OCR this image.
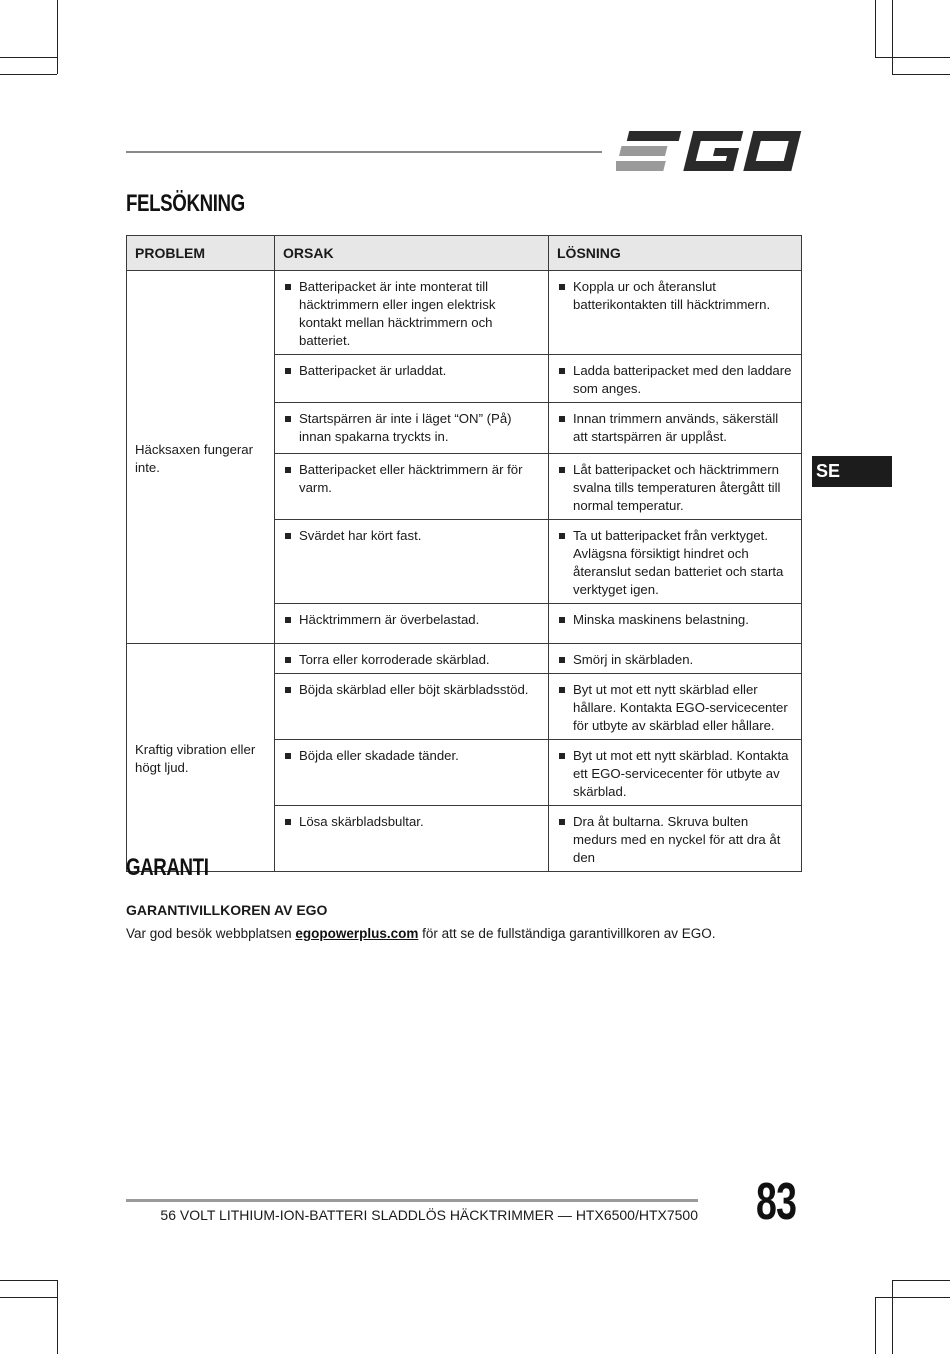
FELSÖKNING
PROBLEM	ORSAK	LÖSNING
Häcksaxen fungerar inte.	Batteripacket är inte monterat till häcktrimmern eller ingen elektrisk kontakt mellan häcktrimmern och batteriet.	Koppla ur och återanslut batterikontakten till häcktrimmern.

	Batteripacket är urladdat.	Ladda batteripacket med den laddare som anges.

	Startspärren är inte i läget “ON” (På) innan spakarna tryckts in.	Innan trimmern används, säkerställ att startspärren är upplåst.

	Batteripacket eller häcktrimmern är för varm.	Låt batteripacket och häcktrimmern svalna tills temperaturen återgått till normal temperatur.

	Svärdet har kört fast.	Ta ut batteripacket från verktyget. Avlägsna försiktigt hindret och återanslut sedan batteriet och starta verktyget igen.

	Häcktrimmern är överbelastad.	Minska maskinens belastning.

Kraftig vibration eller högt ljud.	Torra eller korroderade skärblad.	Smörj in skärbladen.

	Böjda skärblad eller böjt skärbladsstöd.	Byt ut mot ett nytt skärblad eller hållare. Kontakta EGO-servicecenter för utbyte av skärblad eller hållare.

	Böjda eller skadade tänder.	Byt ut mot ett nytt skärblad. Kontakta ett EGO-servicecenter för utbyte av skärblad.

	Lösa skärbladsbultar.	Dra åt bultarna. Skruva bulten medurs med en nyckel för att dra åt den
SE
GARANTI
GARANTIVILLKOREN AV EGO

Var god besök webbplatsen egopowerplus.com för att se de fullständiga garantivillkoren av EGO.

56 VOLT LITHIUM-ION-BATTERI SLADDLÖS HÄCKTRIMMER — HTX6500/HTX7500 83
